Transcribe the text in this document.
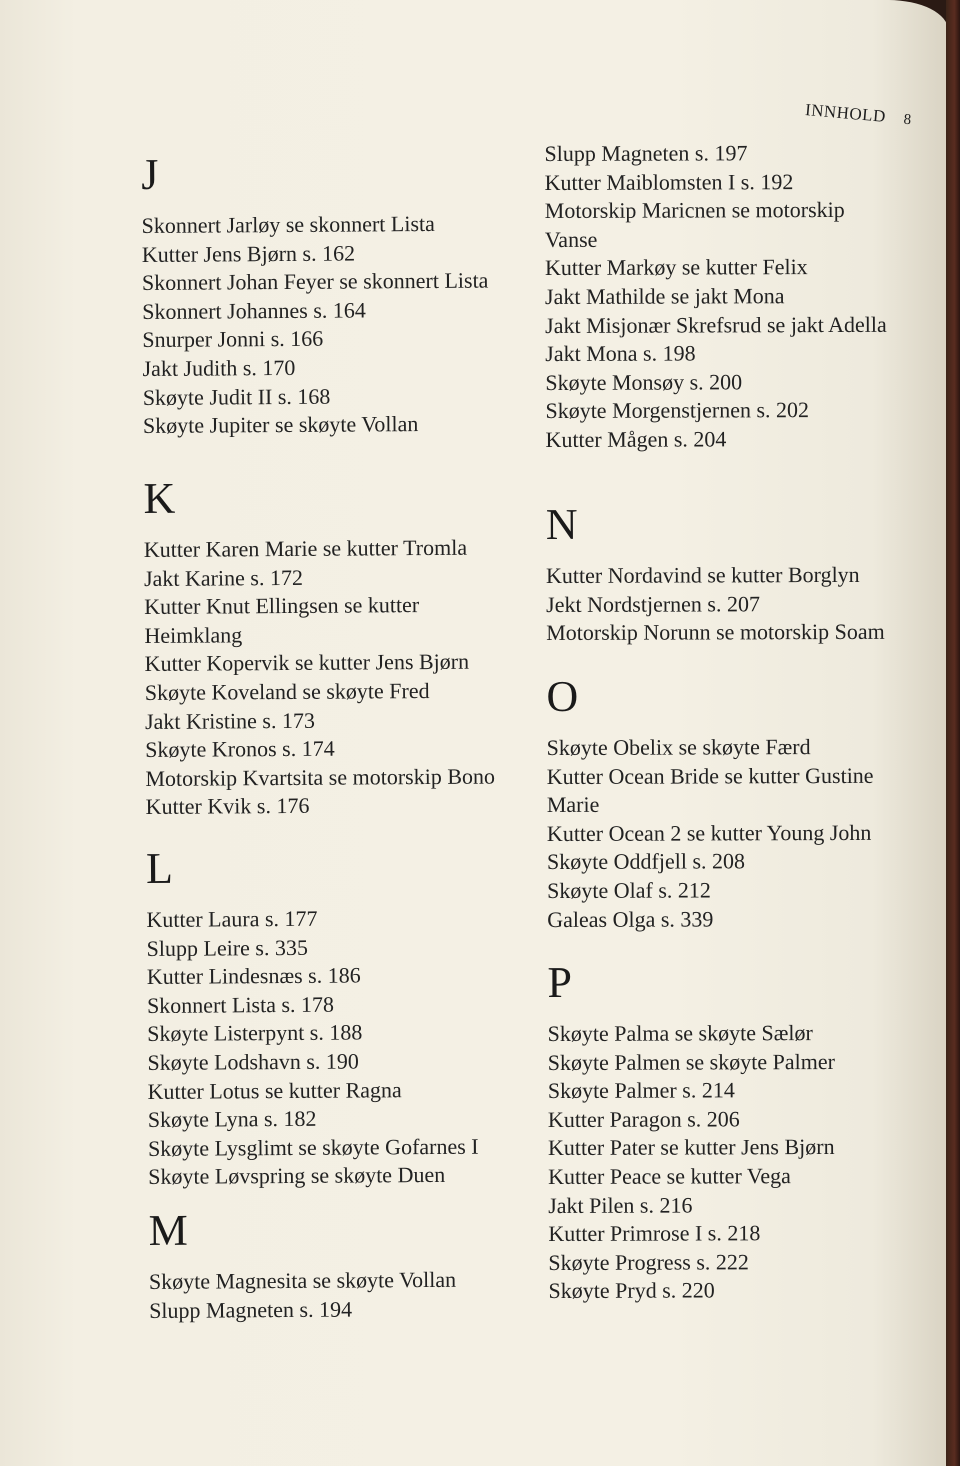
INNHOLD 8
J
Skonnert Jarløy se skonnert Lista
Kutter Jens Bjørn s. 162
Skonnert Johan Feyer se skonnert Lista
Skonnert Johannes s. 164
Snurper Jonni s. 166
Jakt Judith s. 170
Skøyte Judit II s. 168
Skøyte Jupiter se skøyte Vollan
K
Kutter Karen Marie se kutter Tromla
Jakt Karine s. 172
Kutter Knut Ellingsen se kutter
Heimklang
Kutter Kopervik se kutter Jens Bjørn
Skøyte Koveland se skøyte Fred
Jakt Kristine s. 173
Skøyte Kronos s. 174
Motorskip Kvartsita se motorskip Bono
Kutter Kvik s. 176
L
Kutter Laura s. 177
Slupp Leire s. 335
Kutter Lindesnæs s. 186
Skonnert Lista s. 178
Skøyte Listerpynt s. 188
Skøyte Lodshavn s. 190
Kutter Lotus se kutter Ragna
Skøyte Lyna s. 182
Skøyte Lysglimt se skøyte Gofarnes I
Skøyte Løvspring se skøyte Duen
M
Skøyte Magnesita se skøyte Vollan
Slupp Magneten s. 194
Slupp Magneten s. 197
Kutter Maiblomsten I s. 192
Motorskip Maricnen se motorskip
Vanse
Kutter Markøy se kutter Felix
Jakt Mathilde se jakt Mona
Jakt Misjonær Skrefsrud se jakt Adella
Jakt Mona s. 198
Skøyte Monsøy s. 200
Skøyte Morgenstjernen s. 202
Kutter Mågen s. 204
N
Kutter Nordavind se kutter Borglyn
Jekt Nordstjernen s. 207
Motorskip Norunn se motorskip Soam
O
Skøyte Obelix se skøyte Færd
Kutter Ocean Bride se kutter Gustine
Marie
Kutter Ocean 2 se kutter Young John
Skøyte Oddfjell s. 208
Skøyte Olaf s. 212
Galeas Olga s. 339
P
Skøyte Palma se skøyte Sælør
Skøyte Palmen se skøyte Palmer
Skøyte Palmer s. 214
Kutter Paragon s. 206
Kutter Pater se kutter Jens Bjørn
Kutter Peace se kutter Vega
Jakt Pilen s. 216
Kutter Primrose I s. 218
Skøyte Progress s. 222
Skøyte Pryd s. 220
